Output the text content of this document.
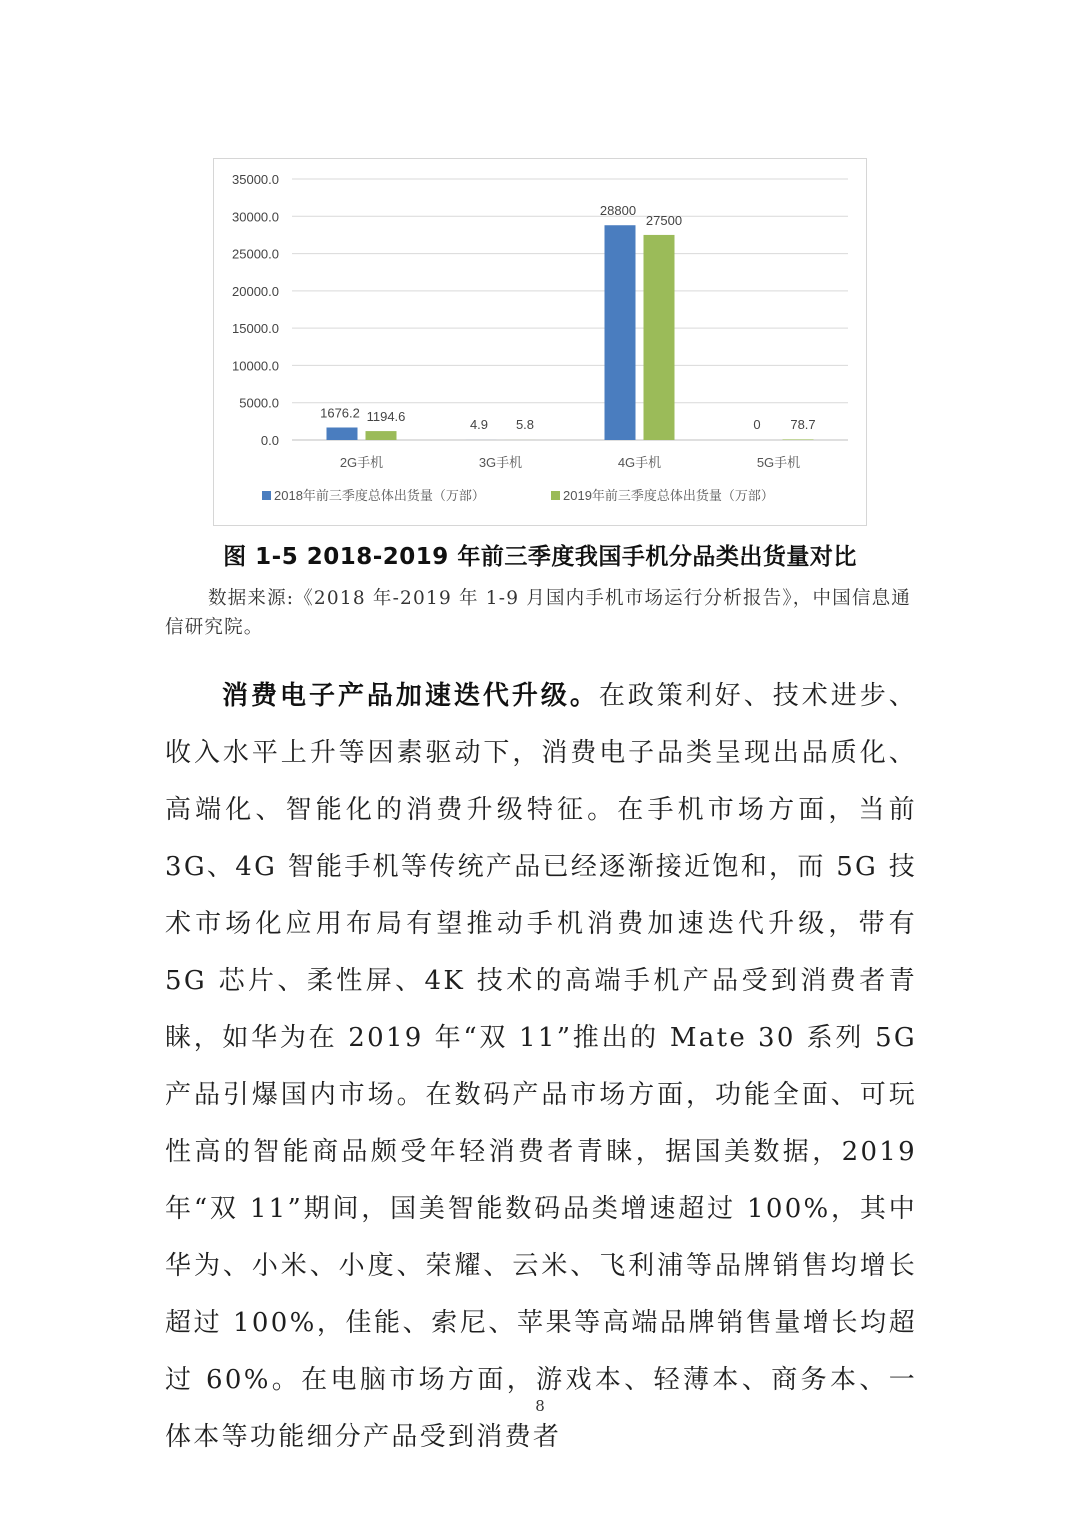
0.0
5000.0
10000.0
15000.0
20000.0
25000.0
30000.0
35000.0
1676.2 1194.6
2G手机
4.9 5.8
3G手机
28800
27500
4G手机
0 78.7
5G手机
2018年前三季度总体出货量（万部）	2019年前三季度总体出货量（万部）
图 1-5 2018-2019 年前三季度我国手机分品类出货量对比
数据来源:《2018 年-2019 年 1-9 月国内手机市场运行分析报告》，中国信息通信研究院。
消费电子产品加速迭代升级。在政策利好、技术进步、收入水平上升等因素驱动下，消费电子品类呈现出品质化、高端化、智能化的消费升级特征。在手机市场方面，当前 3G、4G 智能手机等传统产品已经逐渐接近饱和，而 5G 技术市场化应用布局有望推动手机消费加速迭代升级，带有 5G 芯片、柔性屏、4K 技术的高端手机产品受到消费者青睐，如华为在 2019 年“双 11”推出的 Mate 30 系列 5G 产品引爆国内市场。在数码产品市场方面，功能全面、可玩性高的智能商品颇受年轻消费者青睐，据国美数据，2019 年“双 11”期间，国美智能数码品类增速超过 100%，其中华为、小米、小度、荣耀、云米、飞利浦等品牌销售均增长超过 100%，佳能、索尼、苹果等高端品牌销售量增长均超过 60%。在电脑市场方面，游戏本、轻薄本、商务本、一体本等功能细分产品受到消费者
8
